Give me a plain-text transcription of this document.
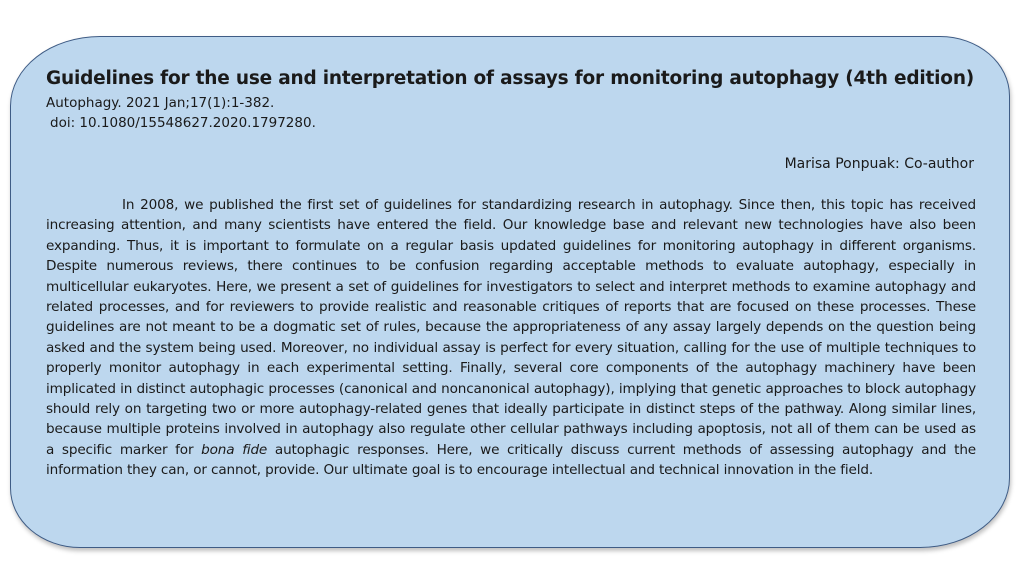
Guidelines for the use and interpretation of assays for monitoring autophagy (4th edition)
Autophagy. 2021 Jan;17(1):1-382.
doi: 10.1080/15548627.2020.1797280.
Marisa Ponpuak: Co-author

In 2008, we published the first set of guidelines for standardizing research in autophagy. Since then, this topic has received increasing attention, and many scientists have entered the field. Our knowledge base and relevant new technologies have also been expanding. Thus, it is important to formulate on a regular basis updated guidelines for monitoring autophagy in different organisms. Despite numerous reviews, there continues to be confusion regarding acceptable methods to evaluate autophagy, especially in multicellular eukaryotes. Here, we present a set of guidelines for investigators to select and interpret methods to examine autophagy and related processes, and for reviewers to provide realistic and reasonable critiques of reports that are focused on these processes. These guidelines are not meant to be a dogmatic set of rules, because the appropriateness of any assay largely depends on the question being asked and the system being used. Moreover, no individual assay is perfect for every situation, calling for the use of multiple techniques to properly monitor autophagy in each experimental setting. Finally, several core components of the autophagy machinery have been implicated in distinct autophagic processes (canonical and noncanonical autophagy), implying that genetic approaches to block autophagy should rely on targeting two or more autophagy-related genes that ideally participate in distinct steps of the pathway. Along similar lines, because multiple proteins involved in autophagy also regulate other cellular pathways including apoptosis, not all of them can be used as a specific marker for bona fide autophagic responses. Here, we critically discuss current methods of assessing autophagy and the information they can, or cannot, provide. Our ultimate goal is to encourage intellectual and technical innovation in the field.
